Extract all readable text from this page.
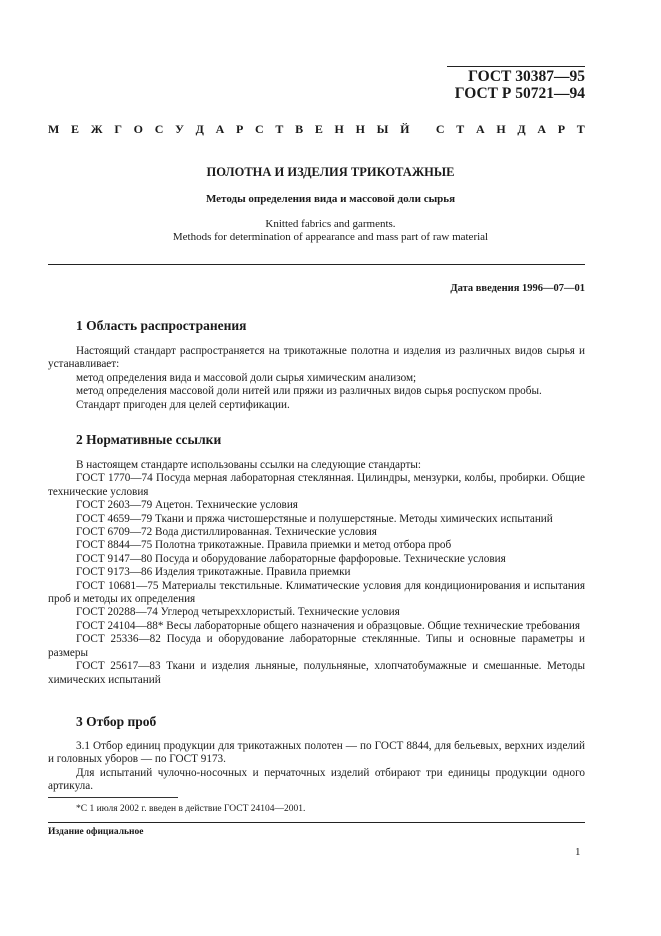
ГОСТ 30387—95
ГОСТ Р 50721—94
М Е Ж Г О С У Д А Р С Т В Е Н Н Ы Й
С Т А Н Д А Р Т
ПОЛОТНА И ИЗДЕЛИЯ ТРИКОТАЖНЫЕ
Методы определения вида и массовой доли сырья
Knitted fabrics and garments.
Methods for determination of appearance and mass part of raw material
Дата введения 1996—07—01
1 Область распространения
Настоящий стандарт распространяется на трикотажные полотна и изделия из различных видов сырья и устанавливает:
метод определения вида и массовой доли сырья химическим анализом;
метод определения массовой доли нитей или пряжи из различных видов сырья роспуском пробы.
Стандарт пригоден для целей сертификации.
2 Нормативные ссылки
В настоящем стандарте использованы ссылки на следующие стандарты:
ГОСТ 1770—74 Посуда мерная лабораторная стеклянная. Цилиндры, мензурки, колбы, пробирки. Общие технические условия
ГОСТ 2603—79 Ацетон. Технические условия
ГОСТ 4659—79 Ткани и пряжа чистошерстяные и полушерстяные. Методы химических испытаний
ГОСТ 6709—72 Вода дистиллированная. Технические условия
ГОСТ 8844—75 Полотна трикотажные. Правила приемки и метод отбора проб
ГОСТ 9147—80 Посуда и оборудование лабораторные фарфоровые. Технические условия
ГОСТ 9173—86 Изделия трикотажные. Правила приемки
ГОСТ 10681—75 Материалы текстильные. Климатические условия для кондиционирования и испытания проб и методы их определения
ГОСТ 20288—74 Углерод четыреххлористый. Технические условия
ГОСТ 24104—88* Весы лабораторные общего назначения и образцовые. Общие технические требования
ГОСТ 25336—82 Посуда и оборудование лабораторные стеклянные. Типы и основные параметры и размеры
ГОСТ 25617—83 Ткани и изделия льняные, полульняные, хлопчатобумажные и смешанные. Методы химических испытаний
3 Отбор проб
3.1 Отбор единиц продукции для трикотажных полотен — по ГОСТ 8844, для бельевых, верхних изделий и головных уборов — по ГОСТ 9173.
Для испытаний чулочно-носочных и перчаточных изделий отбирают три единицы продукции одного артикула.
*С 1 июля 2002 г. введен в действие ГОСТ 24104—2001.
Издание официальное
1
